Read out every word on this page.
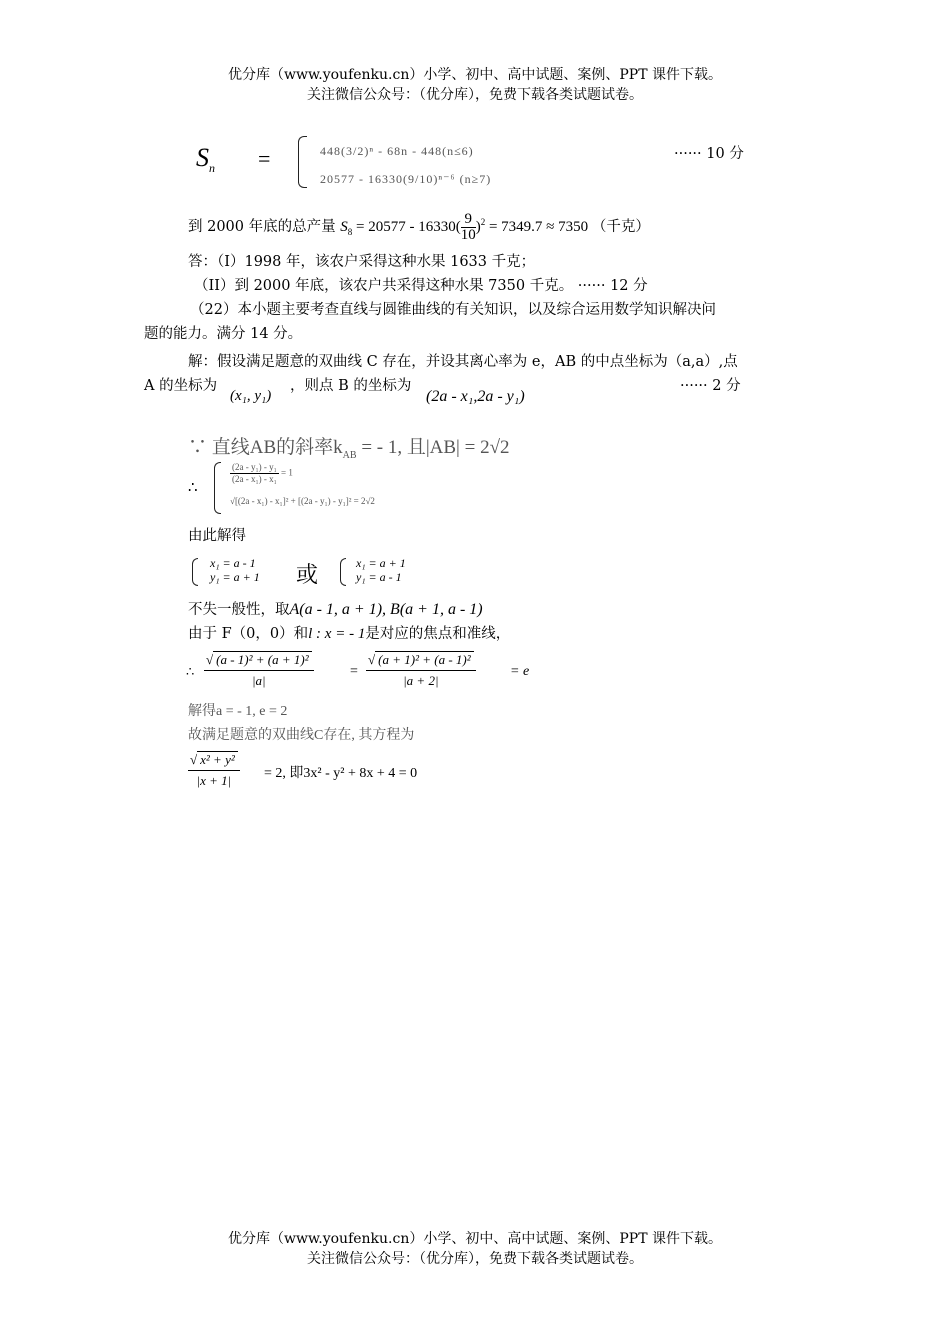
优分库（www.youfenku.cn）小学、初中、高中试题、案例、PPT 课件下载。
关注微信公众号：（优分库），免费下载各类试题试卷。
$S_n$ =	448(3/2)ⁿ - 68n - 448(n≤6)
20577 - 16330(9/10)ⁿ⁻⁶ (n≥7)
······ 10 分
到 2000 年底的总产量 $S_8 = 20577 - 16330( \frac{9}{10} )^2 = 7349.7 \approx 7350$ （千克）
答：（I）1998 年，该农户采得这种水果 1633 千克；
（II）到 2000 年底，该农户共采得这种水果 7350 千克。 ······ 12 分
（22）本小题主要考查直线与圆锥曲线的有关知识，以及综合运用数学知识解决问
题的能力。满分 14 分。
解：假设满足题意的双曲线 C 存在，并设其离心率为 e，AB 的中点坐标为（a,a）,点
A 的坐标为
(x₁, y₁)
，则点 B 的坐标为
(2a - x₁,2a - y₁)
······ 2 分
∵ 直线AB的斜率$k_{AB}$ = - 1, 且|AB| = 2√2
∴
$\frac{\text{(2a - y₁) - y₁}}{\text{(2a - x₁) - x₁}} = 1$
√[(2a - x₁) - x₁]² + [(2a - y₁) - y₁]² = 2√2
由此解得
x₁ = a - 1
y₁ = a + 1 或	x₁ = a + 1
y₁ = a - 1
不失一般性，取A(a - 1, a + 1), B(a + 1, a - 1)
由于 F（0，0）和l : x = - 1是对应的焦点和准线，
∴ $\frac{\text{√ (a - 1)² + (a + 1)²}}{|a|}$	= $\frac{\text{√ (a + 1)² + (a - 1)²}}{|a + 2|} = e$
解得a = - 1, e = 2
故满足题意的双曲线C存在, 其方程为
$\frac{\text{√ x² + y²}}{|x + 1|} = 2$, 即3x² - y² + 8x + 4 = 0
优分库（www.youfenku.cn）小学、初中、高中试题、案例、PPT 课件下载。
关注微信公众号：（优分库），免费下载各类试题试卷。
